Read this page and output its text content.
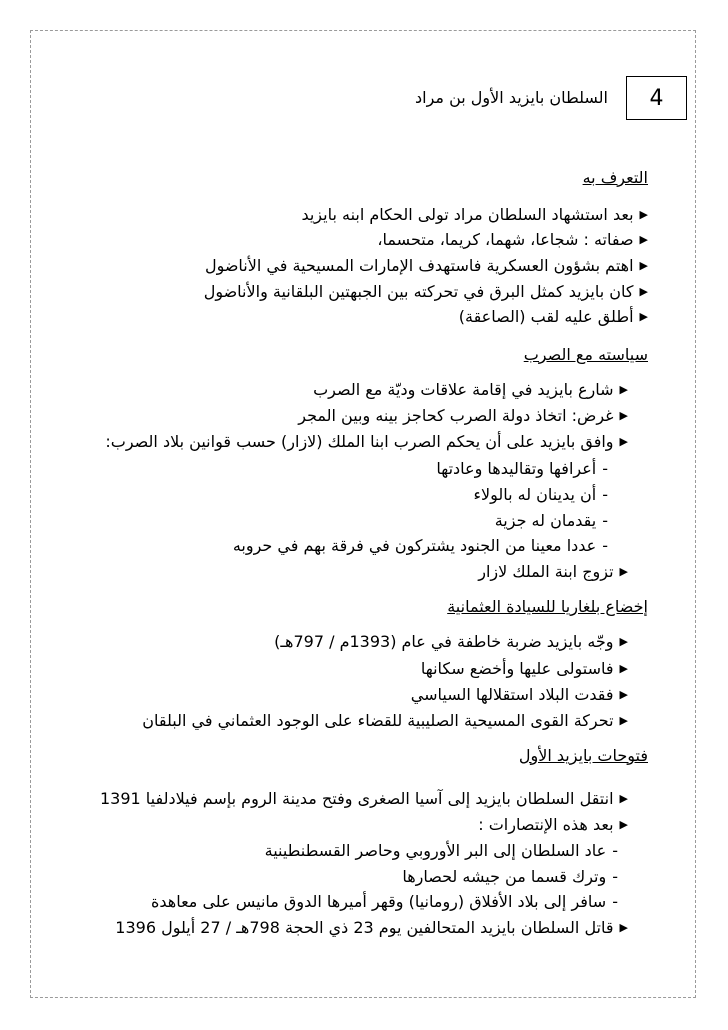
4
السلطان بايزيد الأول بن مراد
التعرف به
▶
بعد استشهاد السلطان مراد تولى الحكام ابنه بايزيد
▶
صفاته : شجاعا، شهما، كريما، متحسما،
▶
اهتم بشؤون العسكرية فاستهدف الإمارات المسيحية في الأناضول
▶
كان بايزيد كمثل البرق في تحركته بين الجبهتين البلقانية والأناضول
▶
أطلق عليه لقب (الصاعقة)
سياسته مع الصرب
▶
شارع بايزيد في إقامة علاقات وديّة مع الصرب
▶
غرض: اتخاذ دولة الصرب كحاجز بينه وبين المجر
▶
وافق بايزيد على أن يحكم الصرب ابنا الملك (لازار) حسب قوانين بلاد الصرب:
-
أعرافها وتقاليدها وعادتها
-
أن يدينان له بالولاء
-
يقدمان له جزية
-
عددا معينا من الجنود يشتركون في فرقة بهم في حروبه
▶
تزوج ابنة الملك لازار
إخضاع بلغاريا للسيادة العثمانية
▶
وجّه بايزيد ضربة خاطفة في عام (1393م / 797هـ)
▶
فاستولى عليها وأخضع سكانها
▶
فقدت البلاد استقلالها السياسي
▶
تحركة القوى المسيحية الصليبية للقضاء على الوجود العثماني في البلقان
فتوحات بايزيد الأول
▶
انتقل السلطان بايزيد إلى آسيا الصغرى وفتح مدينة الروم بإسم فيلادلفيا 1391
▶
بعد هذه الإنتصارات :
-
عاد السلطان إلى البر الأوروبي وحاصر القسطنطينية
-
وترك قسما من جيشه لحصارها
-
سافر إلى بلاد الأفلاق (رومانيا) وقهر أميرها الدوق مانيس على معاهدة
▶
قاتل السلطان بايزيد المتحالفين يوم 23 ذي الحجة 798هـ / 27 أيلول 1396
